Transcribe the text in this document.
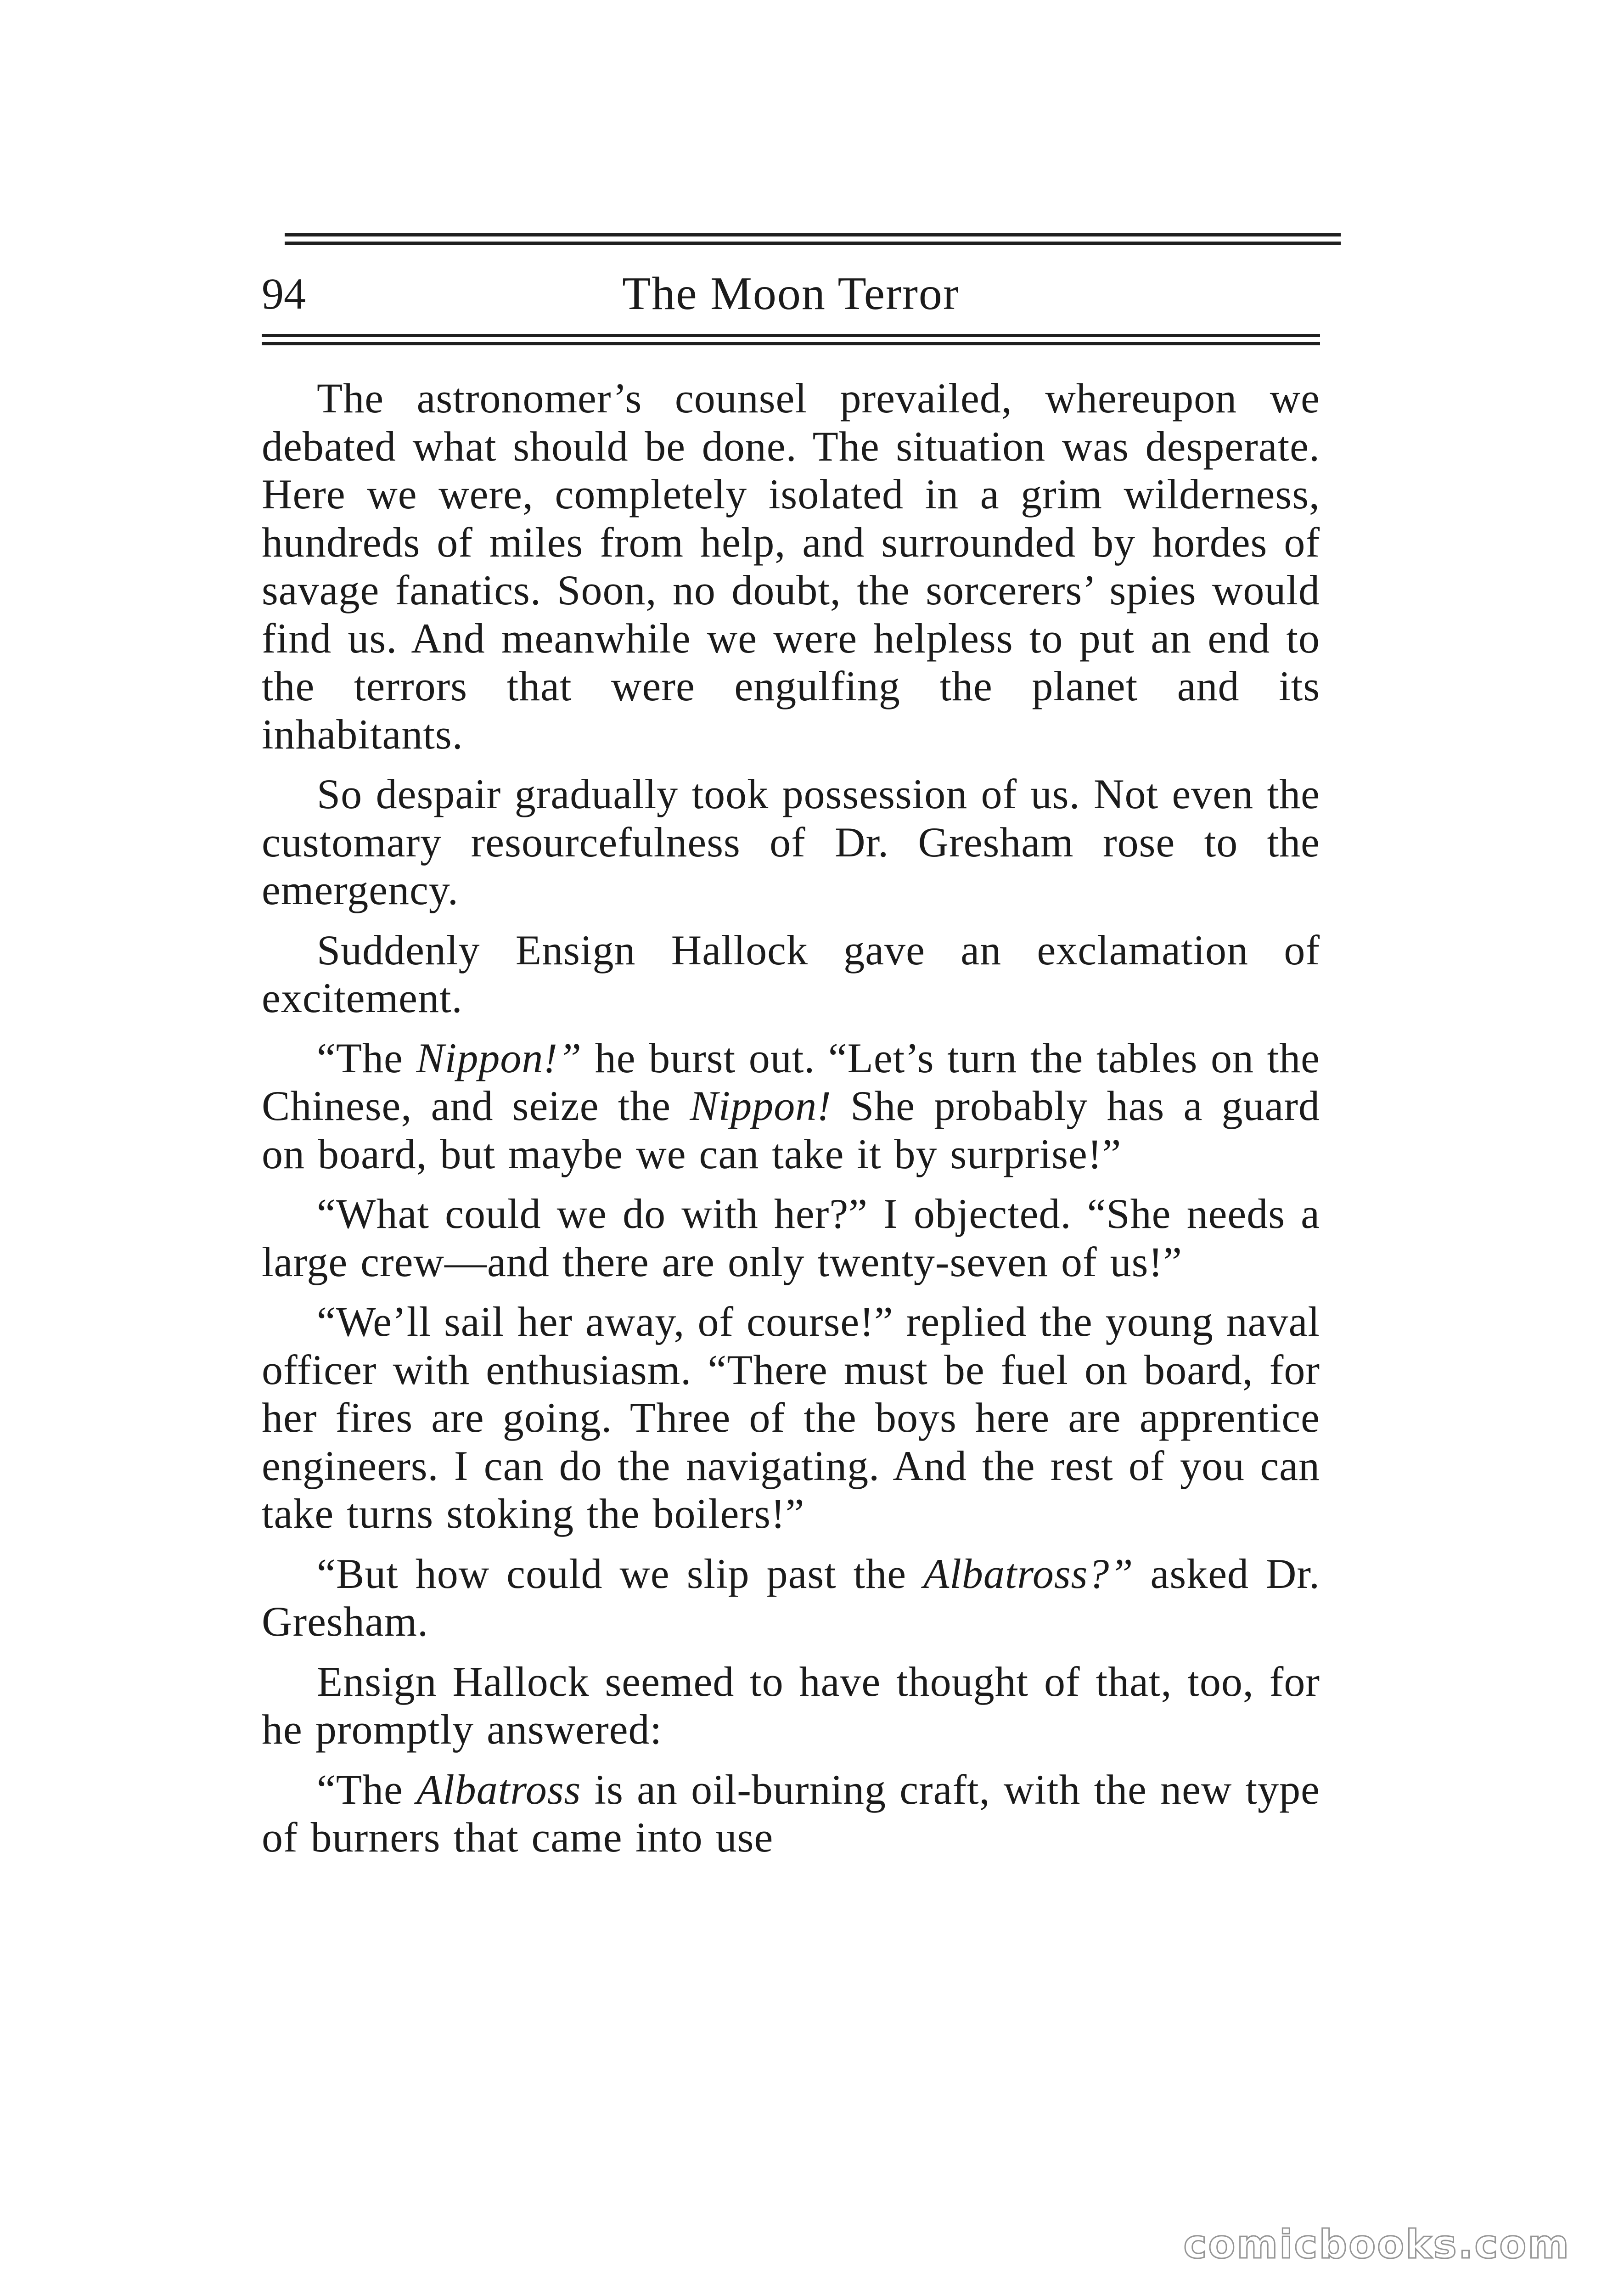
94	The Moon Terror

The astronomer’s counsel prevailed, whereupon we debated what should be done. The situation was desperate. Here we were, completely isolated in a grim wilderness, hundreds of miles from help, and surrounded by hordes of savage fanatics. Soon, no doubt, the sorcerers’ spies would find us. And meanwhile we were helpless to put an end to the terrors that were engulfing the planet and its inhabitants.

So despair gradually took possession of us. Not even the customary resourcefulness of Dr. Gresham rose to the emergency.

Suddenly Ensign Hallock gave an exclamation of excitement.

“The Nippon!” he burst out. “Let’s turn the tables on the Chinese, and seize the Nippon! She probably has a guard on board, but maybe we can take it by surprise!”

“What could we do with her?” I objected. “She needs a large crew—and there are only twenty-seven of us!”

“We’ll sail her away, of course!” replied the young naval officer with enthusiasm. “There must be fuel on board, for her fires are going. Three of the boys here are apprentice engineers. I can do the navigating. And the rest of you can take turns stoking the boilers!”

“But how could we slip past the Albatross?” asked Dr. Gresham.

Ensign Hallock seemed to have thought of that, too, for he promptly answered:

“The Albatross is an oil-burning craft, with the new type of burners that came into use

comicbooks.com
